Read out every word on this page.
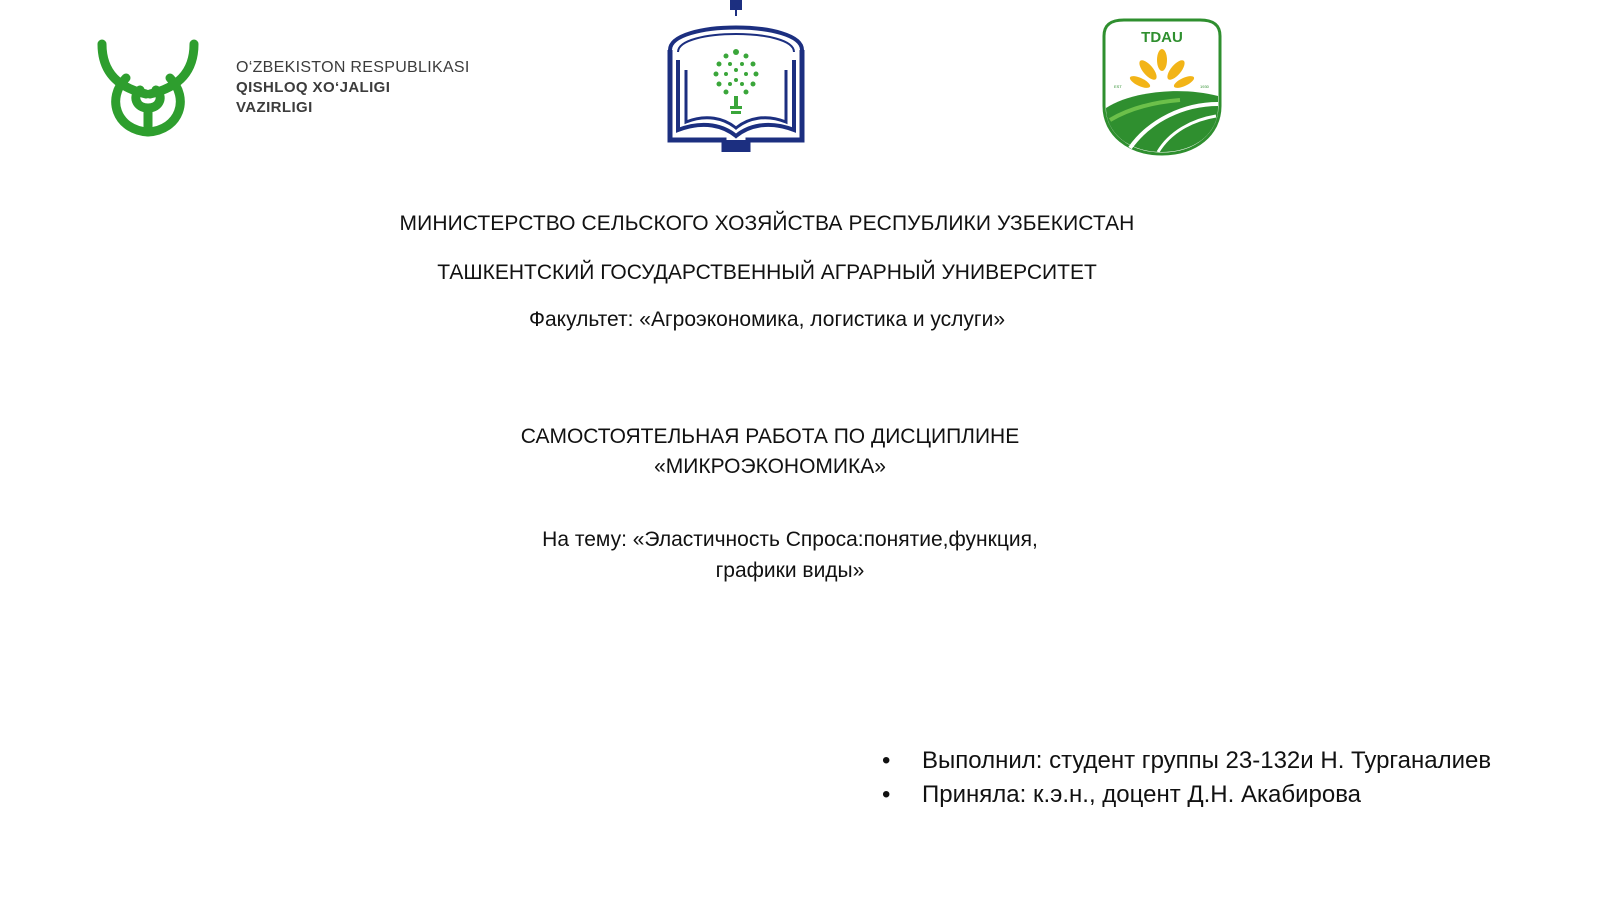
O‘ZBEKISTON RESPUBLIKASI
QISHLOQ XO‘JALIGI
VAZIRLIGI
TDAU
EST	1930
МИНИСТЕРСТВО СЕЛЬСКОГО ХОЗЯЙСТВА РЕСПУБЛИКИ УЗБЕКИСТАН
ТАШКЕНТСКИЙ ГОСУДАРСТВЕННЫЙ АГРАРНЫЙ УНИВЕРСИТЕТ
Факультет: «Агроэкономика, логистика и услуги»
САМОСТОЯТЕЛЬНАЯ РАБОТА ПО ДИСЦИПЛИНЕ
«МИКРОЭКОНОМИКА»
На тему: «Эластичность Спроса:понятие,функция,
графики виды»
• Выполнил: студент группы 23-132и Н. Турганалиев
• Приняла: к.э.н., доцент Д.Н. Акабирова
